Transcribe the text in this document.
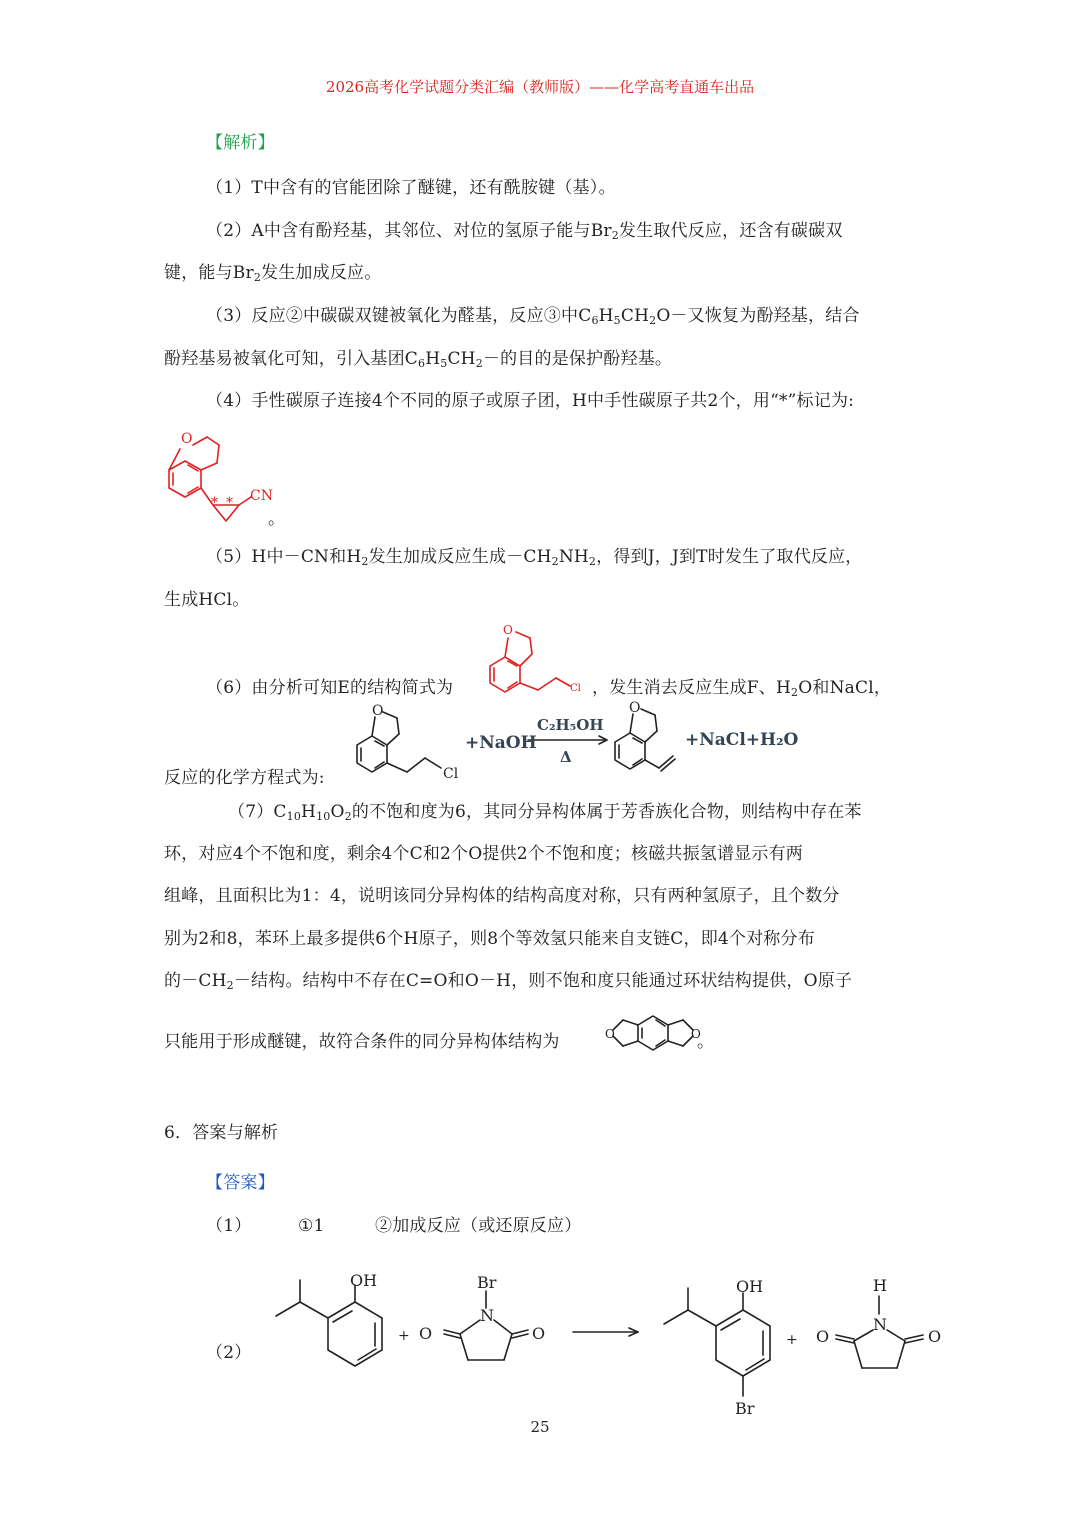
2026高考化学试题分类汇编（教师版）——化学高考直通车出品
【解析】
（1）T中含有的官能团除了醚键，还有酰胺键（基）。
（2）A中含有酚羟基，其邻位、对位的氢原子能与$Br_2$发生取代反应，还含有碳碳双
键，能与$Br_2$发生加成反应。
（3）反应②中碳碳双键被氧化为醛基，反应③中$C_6H_5CH_2O-$又恢复为酚羟基，结合
酚羟基易被氧化可知，引入基团$C_6H_5CH_2-$的目的是保护酚羟基。
（4）手性碳原子连接4个不同的原子或原子团，H中手性碳原子共2个，用“*”标记为:
O
* * CN
。
（5）H中－CN和$H_2$发生加成反应生成$-CH_2NH_2$，得到J，J到T时发生了取代反应，
生成HCl。
（6）由分析可知E的结构简式为
O
Cl ，发生消去反应生成F、$H_2O$和NaCl，
反应的化学方程式为:
O
Cl
+NaOH
C₂H₅OH
Δ
O
+NaCl+H₂O
$(7)C_{10}H_{10}O_2$的不饱和度为6，其同分异构体属于芳香族化合物，则结构中存在苯
环，对应4个不饱和度，剩余4个C和2个O提供2个不饱和度；核磁共振氢谱显示有两
组峰，且面积比为1：4，说明该同分异构体的结构高度对称，只有两种氢原子，且个数分
别为2和8，苯环上最多提供6个H原子，则8个等效氢只能来自支链C，即4个对称分布
的$-CH_2-$结构。结构中不存在C=O和O－H，则不饱和度只能通过环状结构提供，O原子
只能用于形成醚键，故符合条件的同分异构体结构为	O	O
。
6．答案与解析
【答案】
（1）	①1	②加成反应（或还原反应）
（2）
OH
+
Br
N
O	O
OH
Br
+
H
N
O	O
25
